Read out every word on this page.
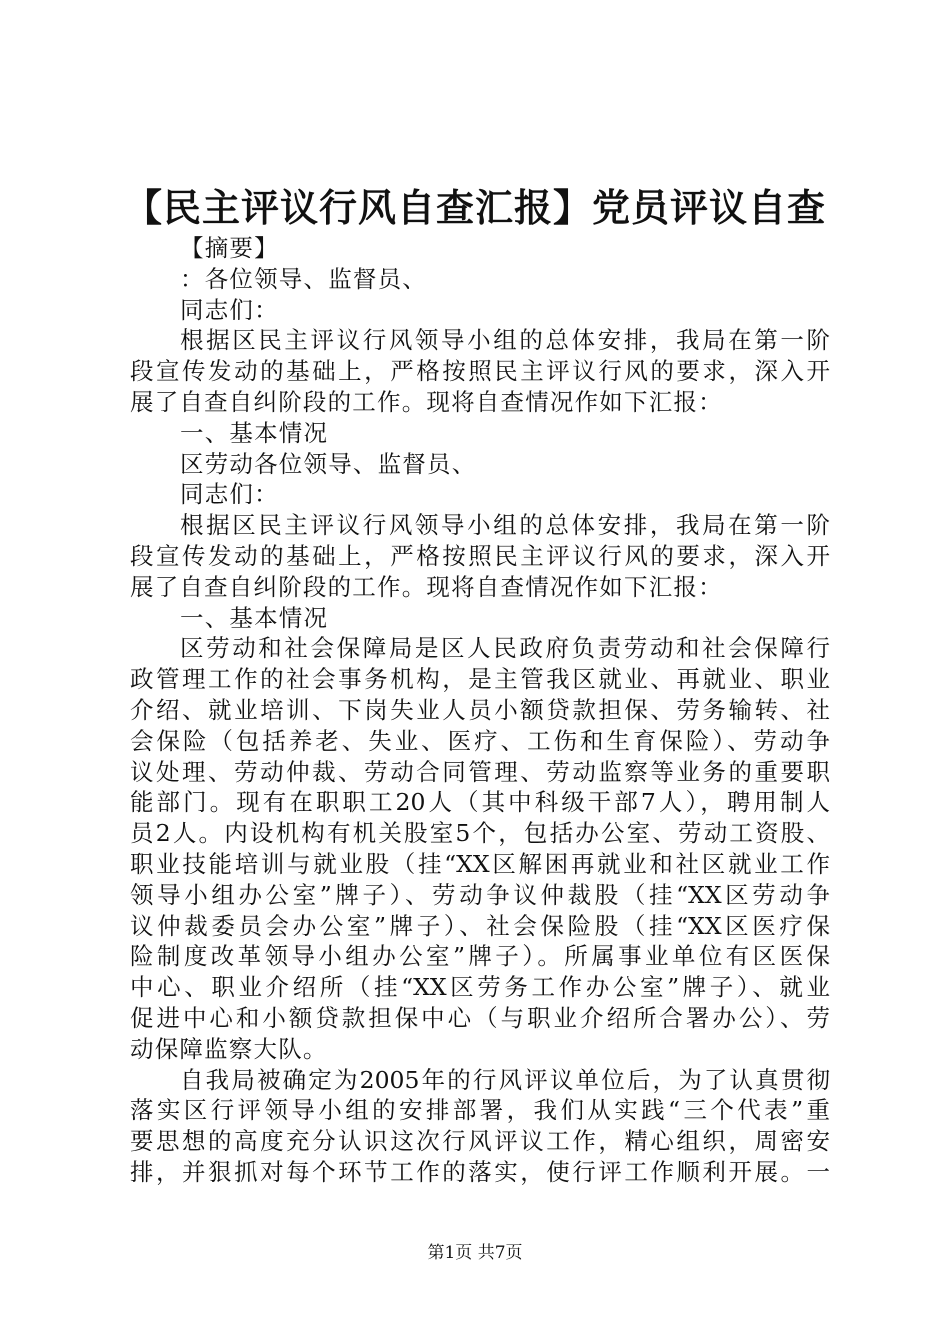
【民主评议行风自查汇报】党员评议自查

【摘要】

：各位领导、监督员、

同志们：

根据区民主评议行风领导小组的总体安排，我局在第一阶

段宣传发动的基础上，严格按照民主评议行风的要求，深入开

展了自查自纠阶段的工作。现将自查情况作如下汇报：

一、基本情况

区劳动各位领导、监督员、

同志们：

根据区民主评议行风领导小组的总体安排，我局在第一阶

段宣传发动的基础上，严格按照民主评议行风的要求，深入开

展了自查自纠阶段的工作。现将自查情况作如下汇报：

一、基本情况

区劳动和社会保障局是区人民政府负责劳动和社会保障行

政管理工作的社会事务机构，是主管我区就业、再就业、职业

介绍、就业培训、下岗失业人员小额贷款担保、劳务输转、社

会保险（包括养老、失业、医疗、工伤和生育保险）、劳动争

议处理、劳动仲裁、劳动合同管理、劳动监察等业务的重要职

能部门。现有在职职工20人（其中科级干部7人），聘用制人

员2人。内设机构有机关股室5个，包括办公室、劳动工资股、

职业技能培训与就业股（挂“XX区解困再就业和社区就业工作

领导小组办公室”牌子）、劳动争议仲裁股（挂“XX区劳动争

议仲裁委员会办公室”牌子）、社会保险股（挂“XX区医疗保

险制度改革领导小组办公室”牌子）。所属事业单位有区医保

中心、职业介绍所（挂“XX区劳务工作办公室”牌子）、就业

促进中心和小额贷款担保中心（与职业介绍所合署办公）、劳

动保障监察大队。

自我局被确定为2005年的行风评议单位后，为了认真贯彻

落实区行评领导小组的安排部署，我们从实践“三个代表”重

要思想的高度充分认识这次行风评议工作，精心组织，周密安

排，并狠抓对每个环节工作的落实，使行评工作顺利开展。一

第1页 共7页
